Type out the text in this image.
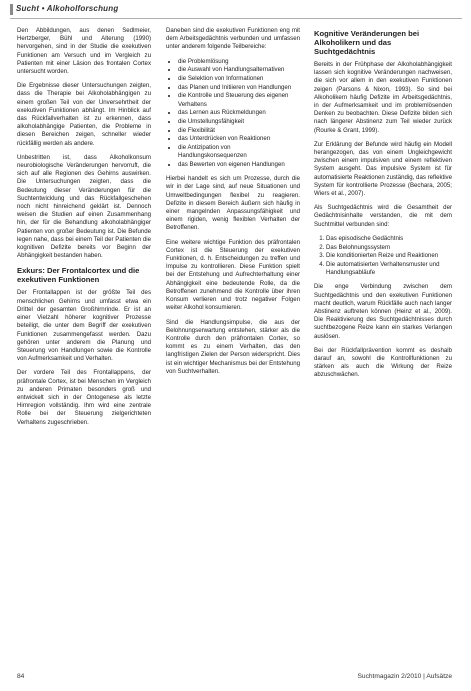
Sucht • Alkoholforschung

Den Abbildungen, aus denen Sedlmeier, Hertzberger, Bühl und Alterung (1990) hervorgehen, sind in der Studie die exekutiven Funktionen am Versuch und im Vergleich zu Patienten mit einer Läsion des frontalen Cortex untersucht worden.

Die Ergebnisse dieser Untersuchungen zeigten, dass die Therapie bei Alkoholabhängigen zu einem großen Teil von der Unversehrtheit der exekutiven Funktionen abhängt. Im Hinblick auf das Rückfallverhalten ist zu erkennen, dass alkoholabhängige Patienten, die Probleme in diesen Bereichen zeigen, schneller wieder rückfällig werden als andere.

Unbestritten ist, dass Alkoholkonsum neurobiologische Veränderungen hervorruft, die sich auf alle Regionen des Gehirns auswirken. Die Untersuchungen zeigten, dass die Bedeutung dieser Veränderungen für die Suchtentwicklung und das Rückfallgeschehen noch nicht hinreichend geklärt ist. Dennoch weisen die Studien auf einen Zusammenhang hin, der für die Behandlung alkoholabhängiger Patienten von großer Bedeutung ist. Die Befunde legen nahe, dass bei einem Teil der Patienten die kognitiven Defizite bereits vor Beginn der Abhängigkeit bestanden haben.

Exkurs: Der Frontalcortex und die exekutiven Funktionen

Der Frontallappen ist der größte Teil des menschlichen Gehirns und umfasst etwa ein Drittel der gesamten Großhirnrinde. Er ist an einer Vielzahl höherer kognitiver Prozesse beteiligt, die unter dem Begriff der exekutiven Funktionen zusammengefasst werden. Dazu gehören unter anderem die Planung und Steuerung von Handlungen sowie die Kontrolle von Aufmerksamkeit und Verhalten.

Der vordere Teil des Frontallappens, der präfrontale Cortex, ist bei Menschen im Vergleich zu anderen Primaten besonders groß und entwickelt sich in der Ontogenese als letzte Hirnregion vollständig. Ihm wird eine zentrale Rolle bei der Steuerung zielgerichteten Verhaltens zugeschrieben.

Daneben sind die exekutiven Funktionen eng mit dem Arbeitsgedächtnis verbunden und umfassen unter anderem folgende Teilbereiche:

• die Problemlösung
• die Auswahl von Handlungsalternativen
• die Selektion von Informationen
• das Planen und Initiieren von Handlungen
• die Kontrolle und Steuerung des eigenen Verhaltens
• das Lernen aus Rückmeldungen
• die Umstellungsfähigkeit
• die Flexibilität
• das Unterdrücken von Reaktionen
• die Antizipation von Handlungskonsequenzen
• das Bewerten von eigenen Handlungen

Hierbei handelt es sich um Prozesse, durch die wir in der Lage sind, auf neue Situationen und Umweltbedingungen flexibel zu reagieren. Defizite in diesem Bereich äußern sich häufig in einer mangelnden Anpassungsfähigkeit und einem rigiden, wenig flexiblen Verhalten der Betroffenen.

Eine weitere wichtige Funktion des präfrontalen Cortex ist die Steuerung der exekutiven Funktionen, d. h. Entscheidungen zu treffen und Impulse zu kontrollieren. Diese Funktion spielt bei der Entstehung und Aufrechterhaltung einer Abhängigkeit eine bedeutende Rolle, da die Betroffenen zunehmend die Kontrolle über ihren Konsum verlieren und trotz negativer Folgen weiter Alkohol konsumieren.

Sind die Handlungsimpulse, die aus der Belohnungserwartung entstehen, stärker als die Kontrolle durch den präfrontalen Cortex, so kommt es zu einem Verhalten, das den langfristigen Zielen der Person widerspricht. Dies ist ein wichtiger Mechanismus bei der Entstehung von Suchtverhalten.

Kognitive Veränderungen bei Alkoholikern und das Suchtgedächtnis

Bereits in der Frühphase der Alkoholabhängigkeit lassen sich kognitive Veränderungen nachweisen, die sich vor allem in den exekutiven Funktionen zeigen (Parsons & Nixon, 1993). So sind bei Alkoholikern häufig Defizite im Arbeitsgedächtnis, in der Aufmerksamkeit und im problemlösenden Denken zu beobachten. Diese Defizite bilden sich nach längerer Abstinenz zum Teil wieder zurück (Rourke & Grant, 1999).

Zur Erklärung der Befunde wird häufig ein Modell herangezogen, das von einem Ungleichgewicht zwischen einem impulsiven und einem reflektiven System ausgeht. Das impulsive System ist für automatisierte Reaktionen zuständig, das reflektive System für kontrollierte Prozesse (Bechara, 2005; Wiers et al., 2007).

Als Suchtgedächtnis wird die Gesamtheit der Gedächtnisinhalte verstanden, die mit dem Suchtmittel verbunden sind:

1. Das episodische Gedächtnis
2. Das Belohnungssystem
3. Die konditionierten Reize und Reaktionen
4. Die automatisierten Verhaltensmuster und Handlungsabläufe

Die enge Verbindung zwischen dem Suchtgedächtnis und den exekutiven Funktionen macht deutlich, warum Rückfälle auch nach langer Abstinenz auftreten können (Heinz et al., 2009). Die Reaktivierung des Suchtgedächtnisses durch suchtbezogene Reize kann ein starkes Verlangen auslösen.

Bei der Rückfallprävention kommt es deshalb darauf an, sowohl die Kontrollfunktionen zu stärken als auch die Wirkung der Reize abzuschwächen.

84	Suchtmagazin 2/2010 | Aufsätze
